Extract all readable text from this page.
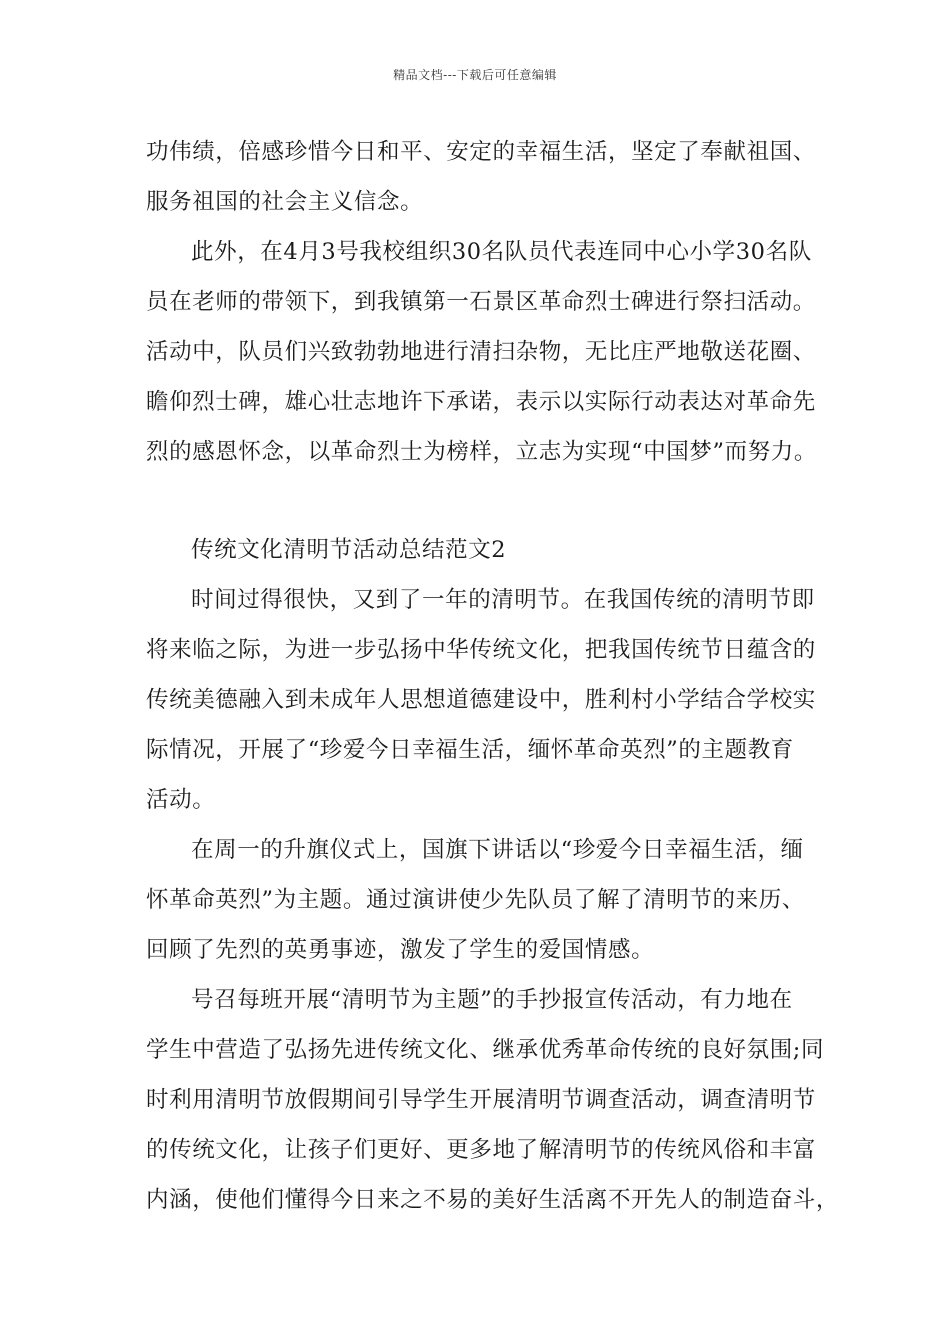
精品文档---下载后可任意编辑
功伟绩，倍感珍惜今日和平、安定的幸福生活，坚定了奉献祖国、
服务祖国的社会主义信念。
此外，在4月3号我校组织30名队员代表连同中心小学30名队
员在老师的带领下，到我镇第一石景区革命烈士碑进行祭扫活动。
活动中，队员们兴致勃勃地进行清扫杂物，无比庄严地敬送花圈、
瞻仰烈士碑，雄心壮志地许下承诺，表示以实际行动表达对革命先
烈的感恩怀念，以革命烈士为榜样，立志为实现“中国梦”而努力。
传统文化清明节活动总结范文2
时间过得很快，又到了一年的清明节。在我国传统的清明节即
将来临之际，为进一步弘扬中华传统文化，把我国传统节日蕴含的
传统美德融入到未成年人思想道德建设中，胜利村小学结合学校实
际情况，开展了“珍爱今日幸福生活，缅怀革命英烈”的主题教育
活动。
在周一的升旗仪式上，国旗下讲话以“珍爱今日幸福生活，缅
怀革命英烈”为主题。通过演讲使少先队员了解了清明节的来历、
回顾了先烈的英勇事迹，激发了学生的爱国情感。
号召每班开展“清明节为主题”的手抄报宣传活动，有力地在
学生中营造了弘扬先进传统文化、继承优秀革命传统的良好氛围;同
时利用清明节放假期间引导学生开展清明节调查活动，调查清明节
的传统文化，让孩子们更好、更多地了解清明节的传统风俗和丰富
内涵，使他们懂得今日来之不易的美好生活离不开先人的制造奋斗，
